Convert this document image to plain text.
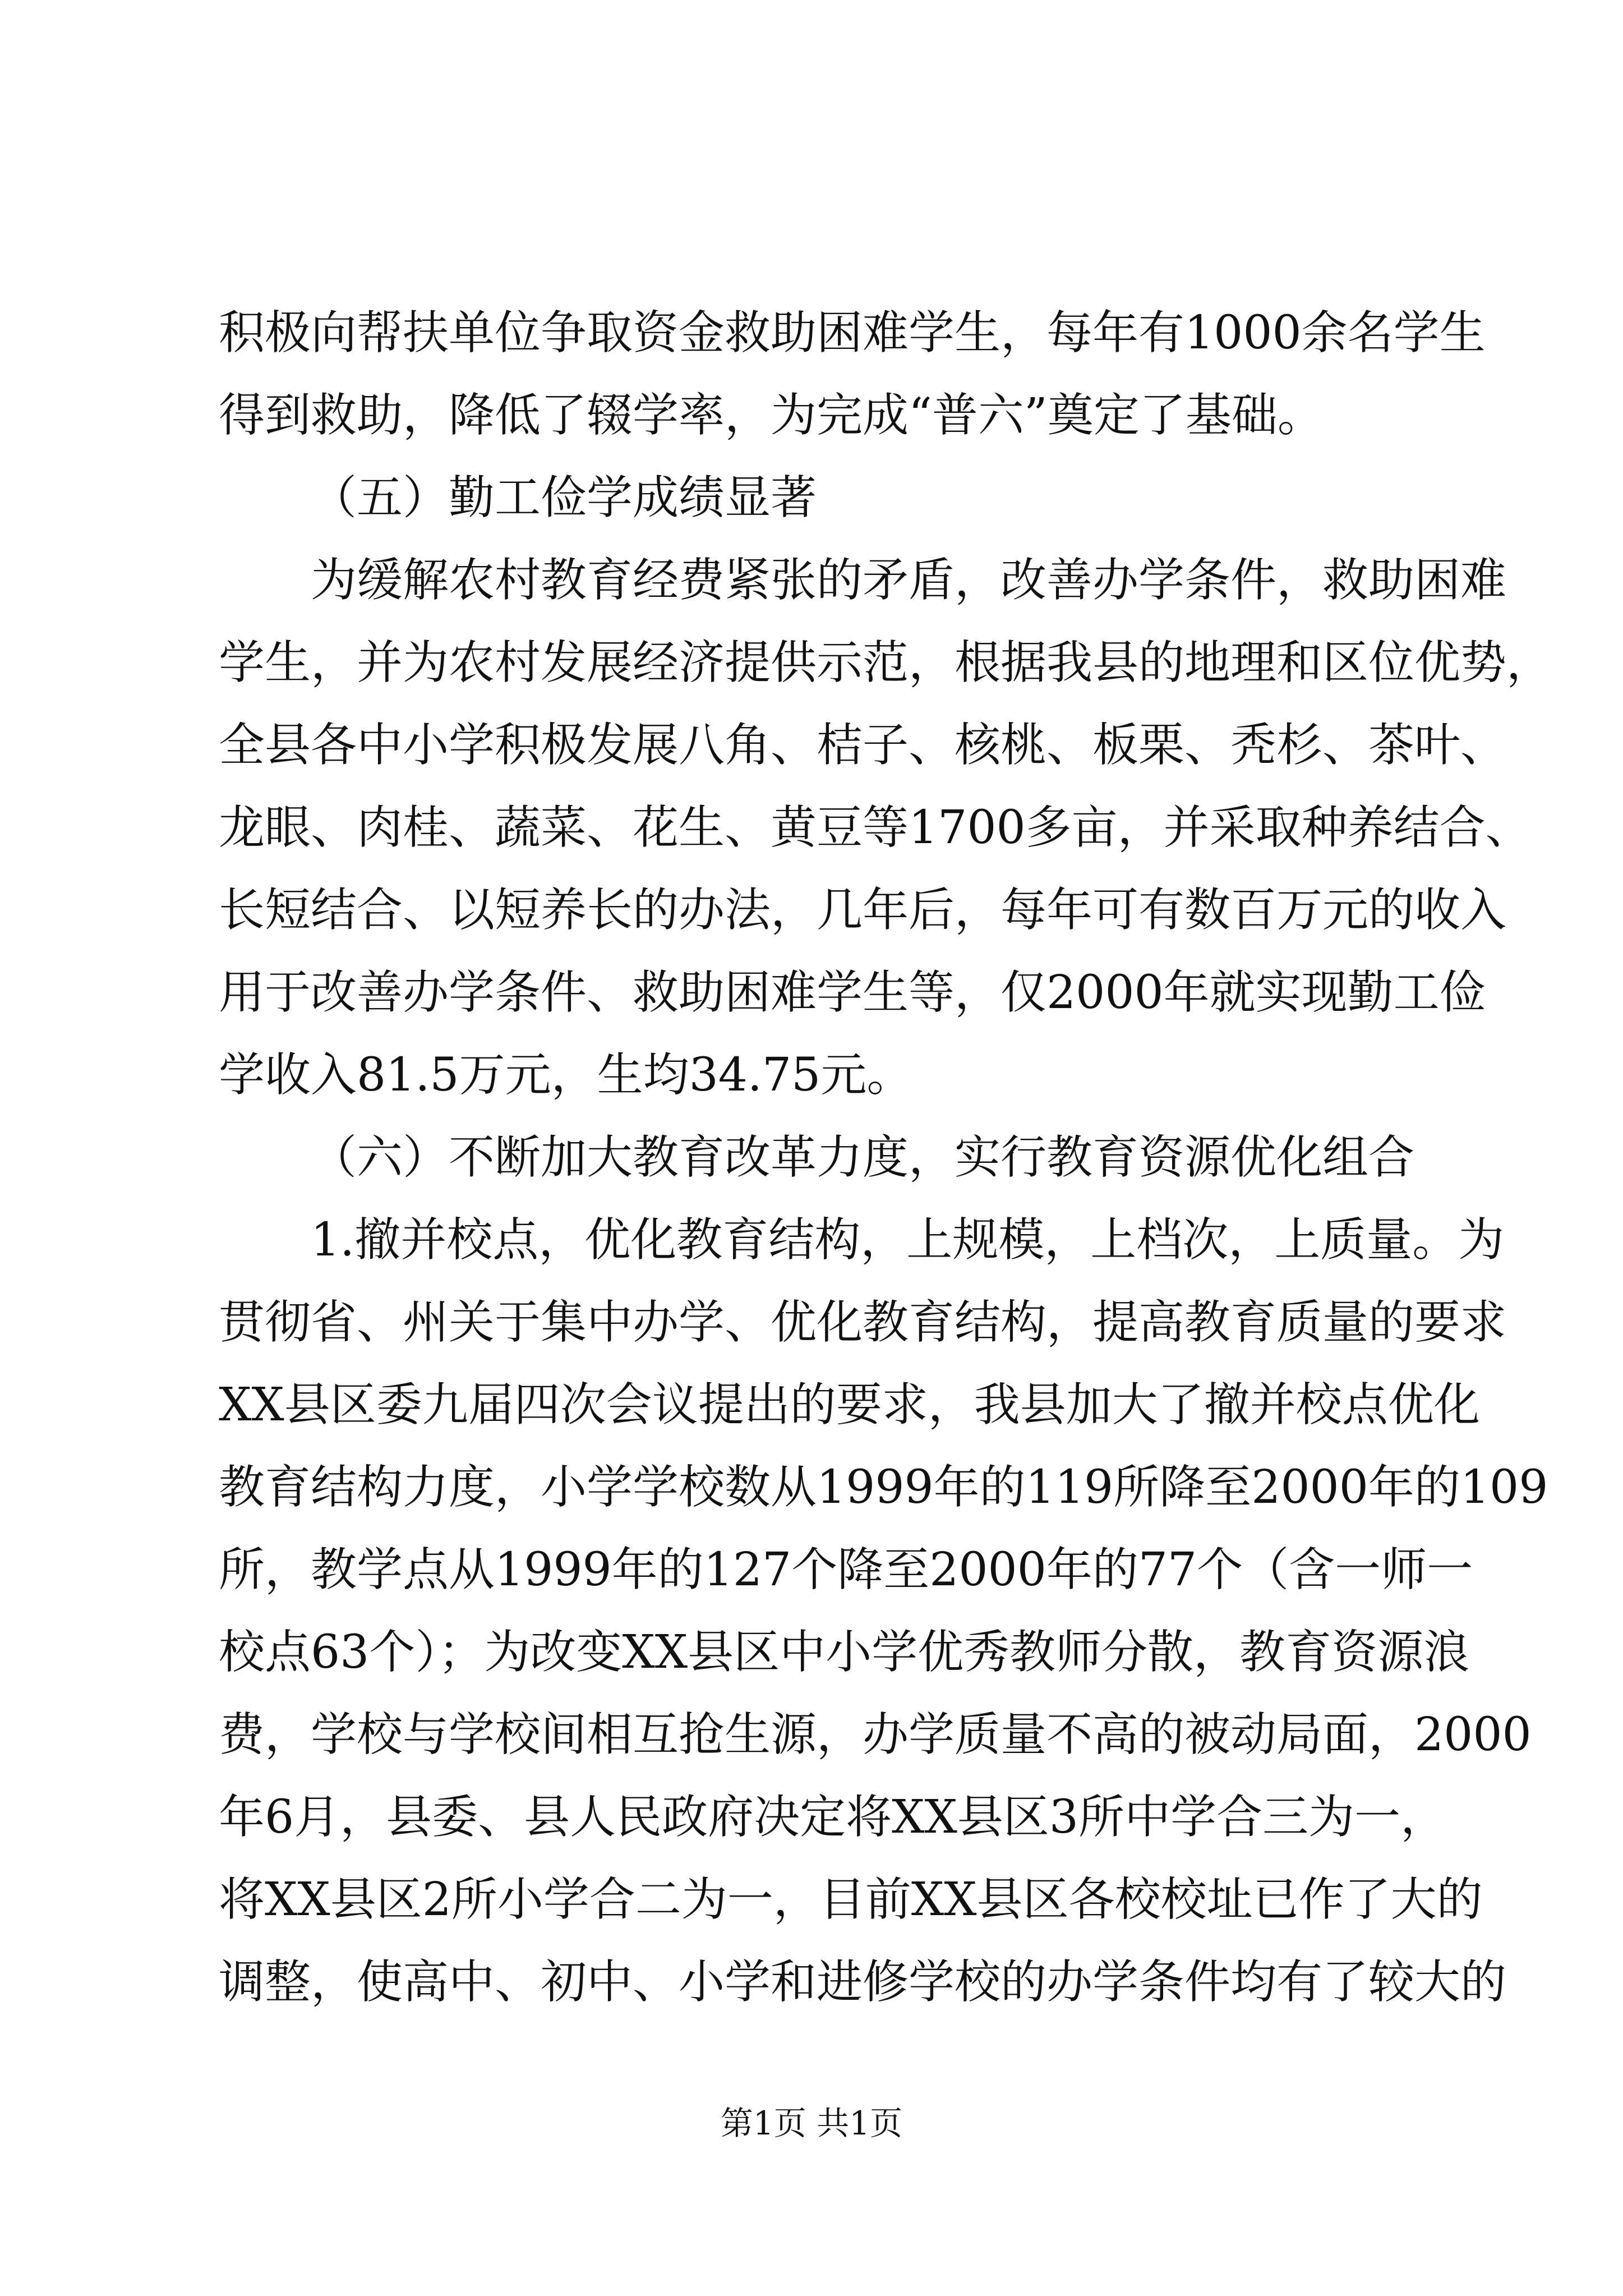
积极向帮扶单位争取资金救助困难学生，每年有1000余名学生
得到救助，降低了辍学率，为完成“普六”奠定了基础。
（五）勤工俭学成绩显著
为缓解农村教育经费紧张的矛盾，改善办学条件，救助困难
学生，并为农村发展经济提供示范，根据我县的地理和区位优势，
全县各中小学积极发展八角、桔子、核桃、板栗、秃杉、茶叶、
龙眼、肉桂、蔬菜、花生、黄豆等1700多亩，并采取种养结合、
长短结合、以短养长的办法，几年后，每年可有数百万元的收入
用于改善办学条件、救助困难学生等，仅2000年就实现勤工俭
学收入81.5万元，生均34.75元。
（六）不断加大教育改革力度，实行教育资源优化组合
1.撤并校点，优化教育结构，上规模，上档次，上质量。为
贯彻省、州关于集中办学、优化教育结构，提高教育质量的要求
XX县区委九届四次会议提出的要求，我县加大了撤并校点优化
教育结构力度，小学学校数从1999年的119所降至2000年的109
所，教学点从1999年的127个降至2000年的77个（含一师一
校点63个）；为改变XX县区中小学优秀教师分散，教育资源浪
费，学校与学校间相互抢生源，办学质量不高的被动局面，2000
年6月，县委、县人民政府决定将XX县区3所中学合三为一，
将XX县区2所小学合二为一，目前XX县区各校校址已作了大的
调整，使高中、初中、小学和进修学校的办学条件均有了较大的
第1页 共1页
